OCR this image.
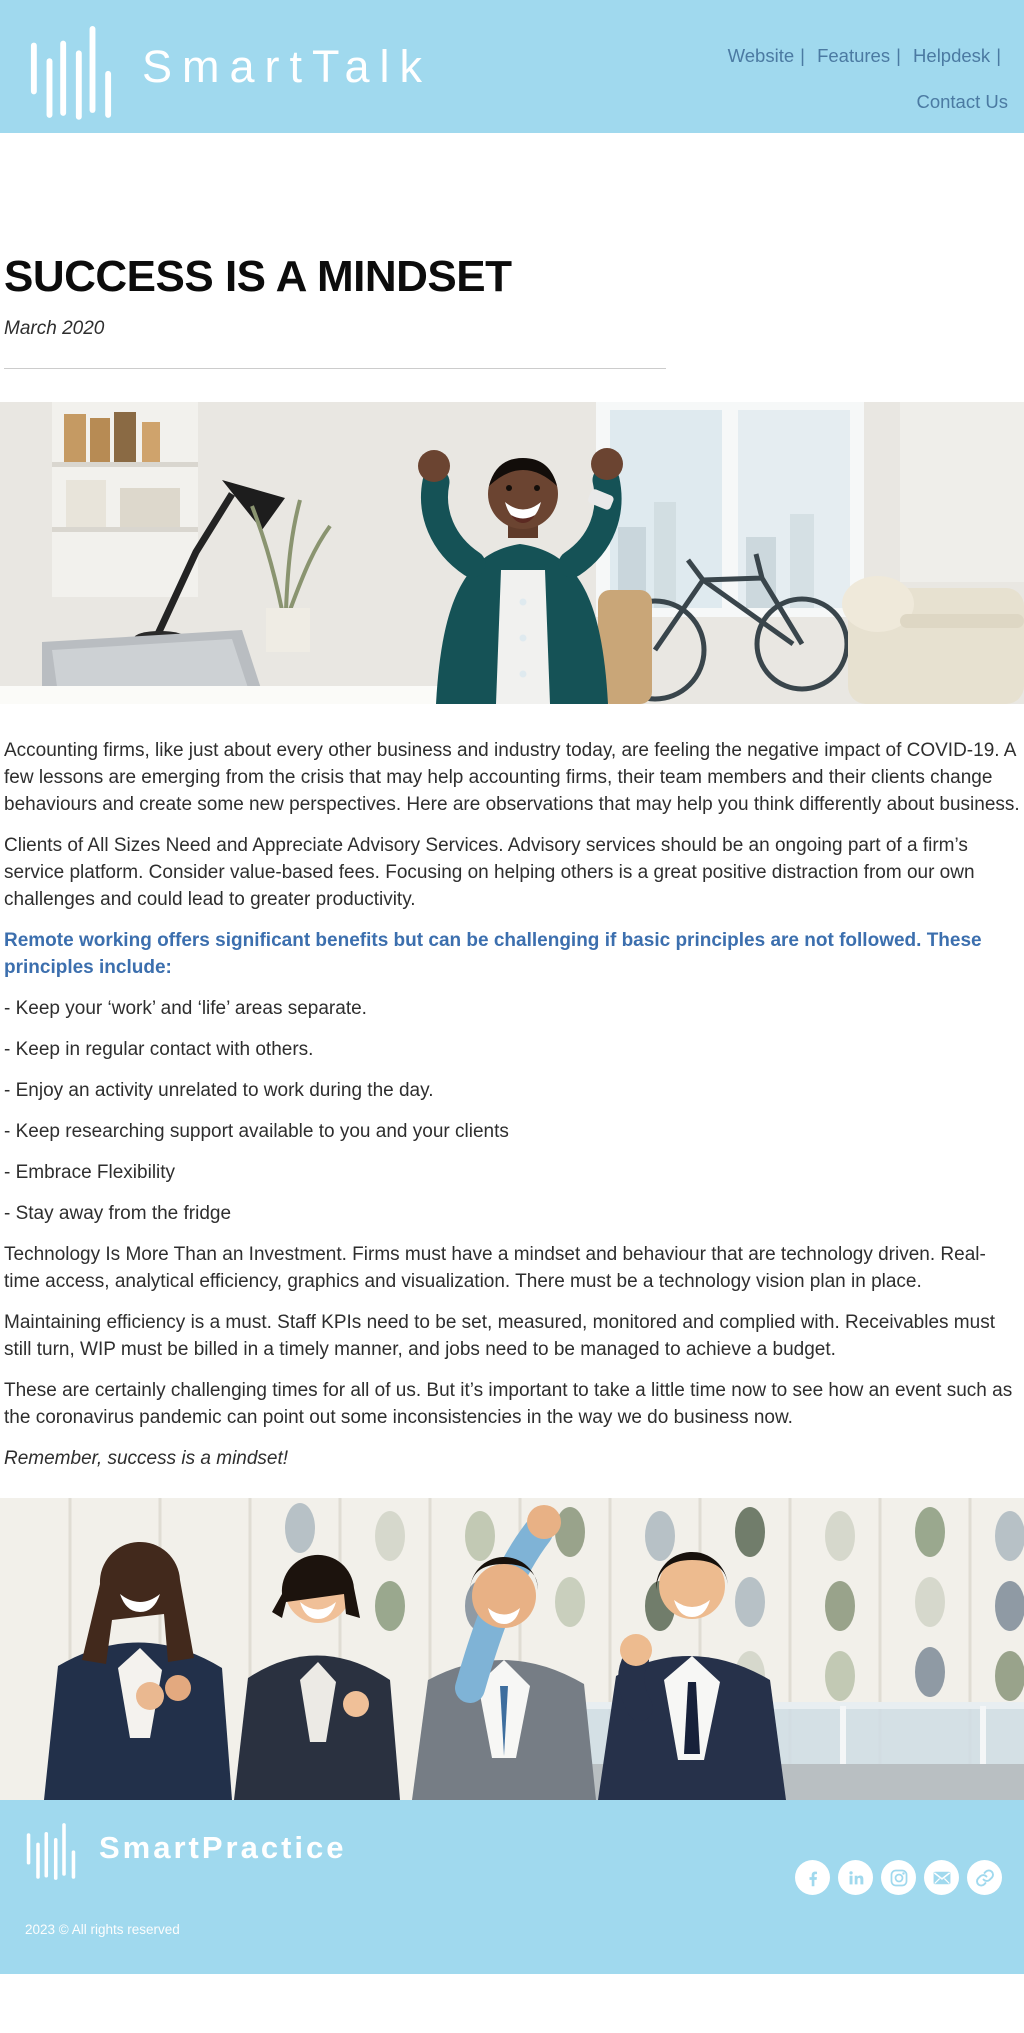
SmartTalk	Website | Features | Helpdesk | Contact Us
SUCCESS IS A MINDSET

March 2020

Accounting firms, like just about every other business and industry today, are feeling the negative impact of COVID-19. A few lessons are emerging from the crisis that may help accounting firms, their team members and their clients change behaviours and create some new perspectives. Here are observations that may help you think differently about business.

Clients of All Sizes Need and Appreciate Advisory Services. Advisory services should be an ongoing part of a firm’s service platform. Consider value-based fees. Focusing on helping others is a great positive distraction from our own challenges and could lead to greater productivity.

Remote working offers significant benefits but can be challenging if basic principles are not followed. These principles include:

- Keep your ‘work’ and ‘life’ areas separate.

- Keep in regular contact with others.

- Enjoy an activity unrelated to work during the day.

- Keep researching support available to you and your clients

- Embrace Flexibility

- Stay away from the fridge

Technology Is More Than an Investment. Firms must have a mindset and behaviour that are technology driven. Real-time access, analytical efficiency, graphics and visualization. There must be a technology vision plan in place.

Maintaining efficiency is a must. Staff KPIs need to be set, measured, monitored and complied with. Receivables must still turn, WIP must be billed in a timely manner, and jobs need to be managed to achieve a budget.

These are certainly challenging times for all of us. But it’s important to take a little time now to see how an event such as the coronavirus pandemic can point out some inconsistencies in the way we do business now.

Remember, success is a mindset!

SmartPractice
2023 © All rights reserved
